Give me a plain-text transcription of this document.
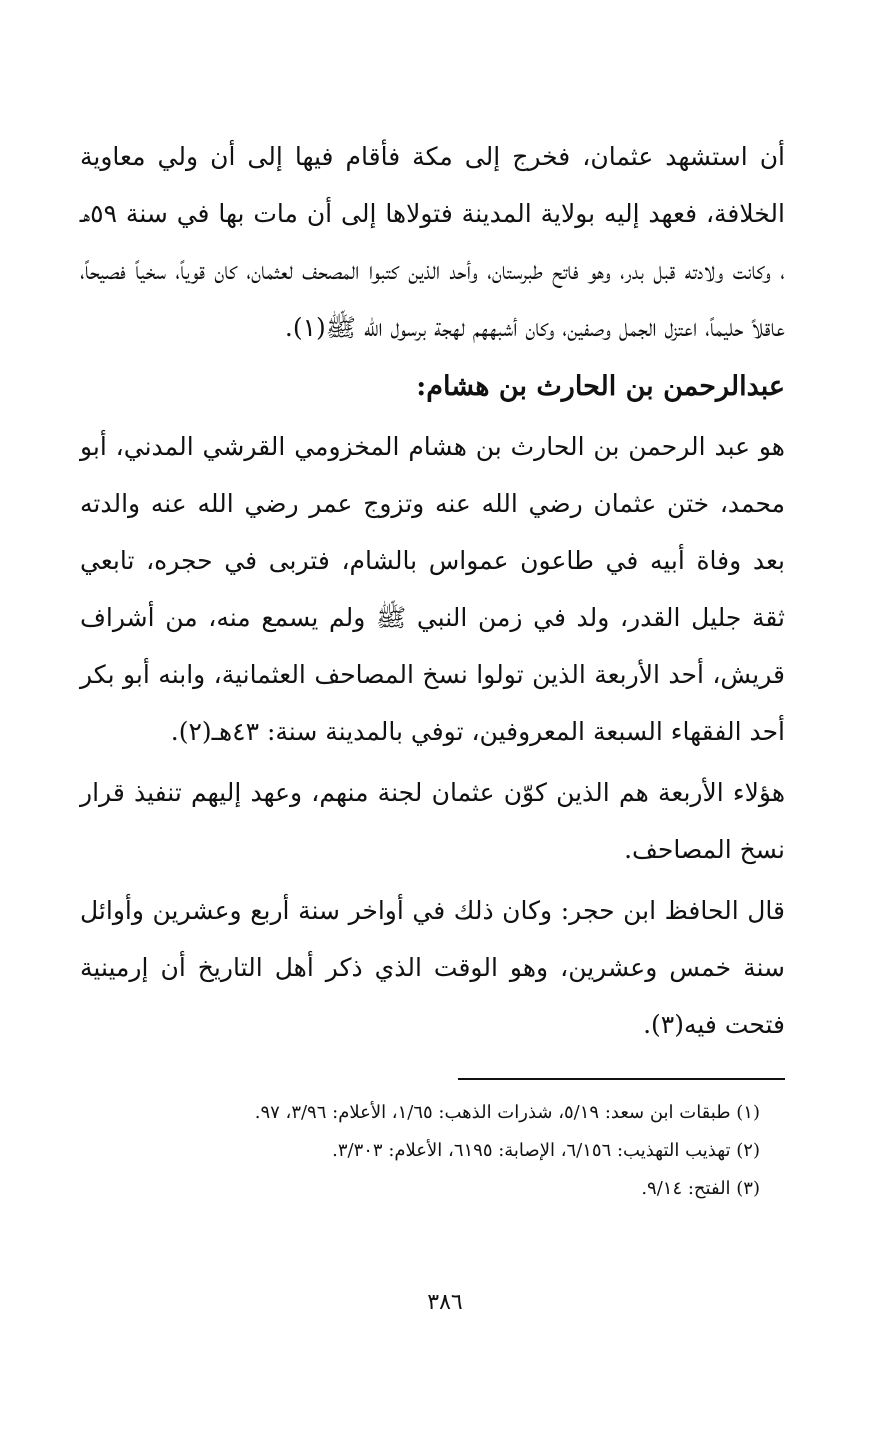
أن استشهد عثمان، فخرج إلى مكة فأقام فيها إلى أن ولي معاوية الخلافة، فعهد إليه بولاية المدينة فتولاها إلى أن مات بها في سنة ٥٩هـ ، وكانت ولادته قبل بدر، وهو فاتح طبرستان، وأحد الذين كتبوا المصحف لعثمان، كان قوياً، سخياً فصيحاً، عاقلاً حليماً، اعتزل الجمل وصفين، وكان أشبههم لهجة برسول الله ﷺ(١).

عبدالرحمن بن الحارث بن هشام:

هو عبد الرحمن بن الحارث بن هشام المخزومي القرشي المدني، أبو محمد، ختن عثمان رضي الله عنه وتزوج عمر رضي الله عنه والدته بعد وفاة أبيه في طاعون عمواس بالشام، فتربى في حجره، تابعي ثقة جليل القدر، ولد في زمن النبي ﷺ ولم يسمع منه، من أشراف قريش، أحد الأربعة الذين تولوا نسخ المصاحف العثمانية، وابنه أبو بكر أحد الفقهاء السبعة المعروفين، توفي بالمدينة سنة: ٤٣هـ(٢).

هؤلاء الأربعة هم الذين كوّن عثمان لجنة منهم، وعهد إليهم تنفيذ قرار نسخ المصاحف.

قال الحافظ ابن حجر: وكان ذلك في أواخر سنة أربع وعشرين وأوائل سنة خمس وعشرين، وهو الوقت الذي ذكر أهل التاريخ أن إرمينية فتحت فيه(٣).

(١) طبقات ابن سعد: ٥/١٩، شذرات الذهب: ١/٦٥، الأعلام: ٣/٩٦، ٩٧.

(٢) تهذيب التهذيب: ٦/١٥٦، الإصابة: ٦١٩٥، الأعلام: ٣/٣٠٣.

(٣) الفتح: ٩/١٤.

٣٨٦
